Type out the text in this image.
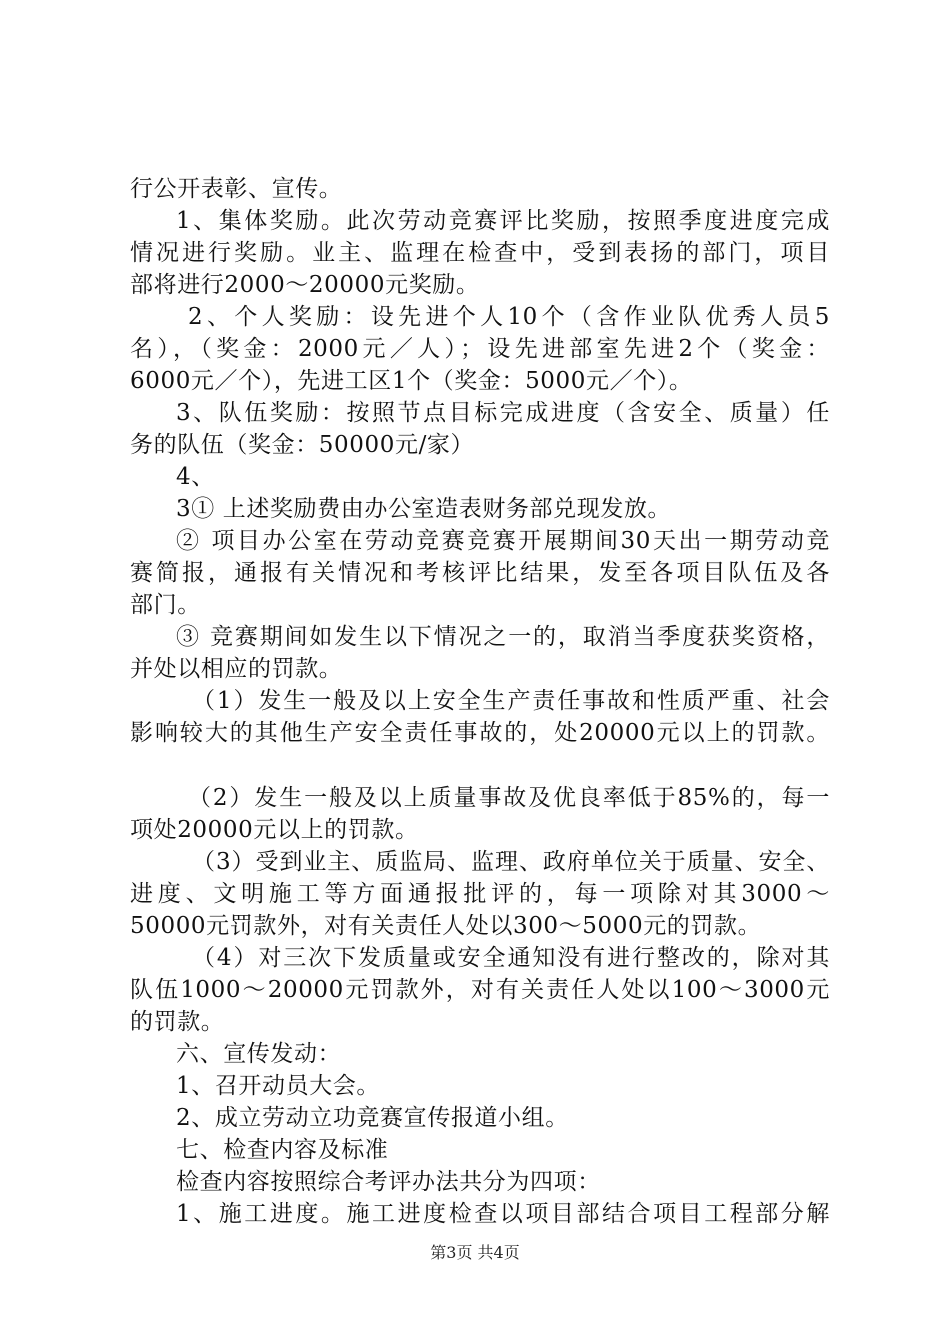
行公开表彰、宣传。
1、集体奖励。此次劳动竞赛评比奖励，按照季度进度完成
情况进行奖励。业主、监理在检查中，受到表扬的部门，项目
部将进行2000～20000元奖励。
2、个人奖励：设先进个人10个（含作业队优秀人员5
名），（奖金：2000元／人）；设先进部室先进2个（奖金：
6000元／个），先进工区1个（奖金：5000元／个）。
3、队伍奖励：按照节点目标完成进度（含安全、质量）任
务的队伍（奖金：50000元/家）
4、
3① 上述奖励费由办公室造表财务部兑现发放。
② 项目办公室在劳动竞赛竞赛开展期间30天出一期劳动竞
赛简报，通报有关情况和考核评比结果，发至各项目队伍及各
部门。
③ 竞赛期间如发生以下情况之一的，取消当季度获奖资格，
并处以相应的罚款。
（1）发生一般及以上安全生产责任事故和性质严重、社会
影响较大的其他生产安全责任事故的，处20000元以上的罚款。
（2）发生一般及以上质量事故及优良率低于85%的，每一
项处20000元以上的罚款。
（3）受到业主、质监局、监理、政府单位关于质量、安全、
进度、文明施工等方面通报批评的，每一项除对其3000～
50000元罚款外，对有关责任人处以300～5000元的罚款。
（4）对三次下发质量或安全通知没有进行整改的，除对其
队伍1000～20000元罚款外，对有关责任人处以100～3000元
的罚款。
六、宣传发动：
1、召开动员大会。
2、成立劳动立功竞赛宣传报道小组。
七、检查内容及标准
检查内容按照综合考评办法共分为四项：
1、施工进度。施工进度检查以项目部结合项目工程部分解
第3页 共4页
